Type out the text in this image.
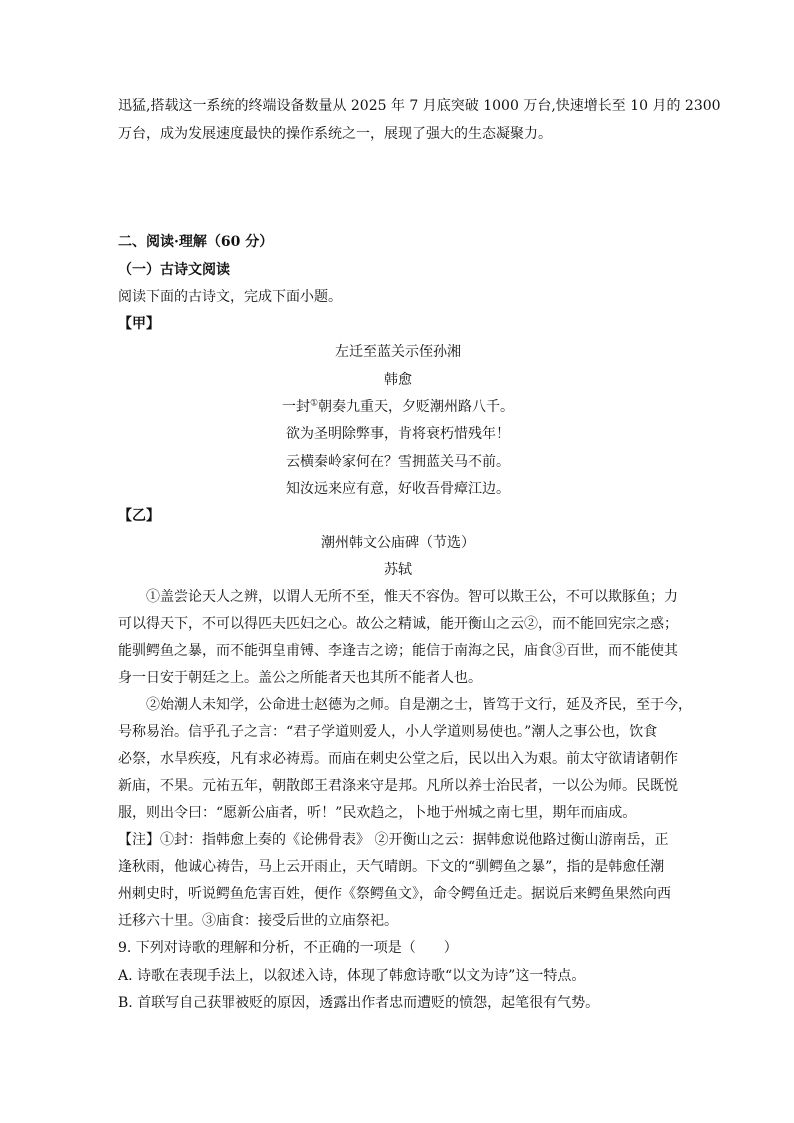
迅猛,搭载这一系统的终端设备数量从 2025 年 7 月底突破 1000 万台,快速增长至 10 月的 2300
万台，成为发展速度最快的操作系统之一，展现了强大的生态凝聚力。
二、阅读·理解（60 分）
（一）古诗文阅读
阅读下面的古诗文，完成下面小题。
【甲】
左迁至蓝关示侄孙湘
韩愈
一封①朝奏九重天，夕贬潮州路八千。
欲为圣明除弊事，肯将衰朽惜残年！
云横秦岭家何在？雪拥蓝关马不前。
知汝远来应有意，好收吾骨瘴江边。
【乙】
潮州韩文公庙碑（节选）
苏轼
①盖尝论天人之辨，以谓人无所不至，惟天不容伪。智可以欺王公，不可以欺豚鱼；力
可以得天下，不可以得匹夫匹妇之心。故公之精诚，能开衡山之云②，而不能回宪宗之惑；
能驯鳄鱼之暴，而不能弭皇甫镈、李逢吉之谤；能信于南海之民，庙食③百世，而不能使其
身一日安于朝廷之上。盖公之所能者天也其所不能者人也。
②始潮人未知学，公命进士赵德为之师。自是潮之士，皆笃于文行，延及齐民，至于今，
号称易治。信乎孔子之言：“君子学道则爱人，小人学道则易使也。”潮人之事公也，饮食
必祭，水旱疾疫，凡有求必祷焉。而庙在刺史公堂之后，民以出入为艰。前太守欲请诸朝作
新庙，不果。元祐五年，朝散郎王君涤来守是邦。凡所以养士治民者，一以公为师。民既悦
服，则出令曰：“愿新公庙者，听！”民欢趋之，卜地于州城之南七里，期年而庙成。
【注】①封：指韩愈上奏的《论佛骨表》 ②开衡山之云：据韩愈说他路过衡山游南岳，正
逢秋雨，他诚心祷告，马上云开雨止，天气晴朗。下文的“驯鳄鱼之暴”，指的是韩愈任潮
州刺史时，听说鳄鱼危害百姓，便作《祭鳄鱼文》，命令鳄鱼迁走。据说后来鳄鱼果然向西
迁移六十里。③庙食：接受后世的立庙祭祀。
9. 下列对诗歌的理解和分析，不正确的一项是（　　）
A. 诗歌在表现手法上，以叙述入诗，体现了韩愈诗歌“以文为诗”这一特点。
B. 首联写自己获罪被贬的原因，透露出作者忠而遭贬的愤怨，起笔很有气势。
